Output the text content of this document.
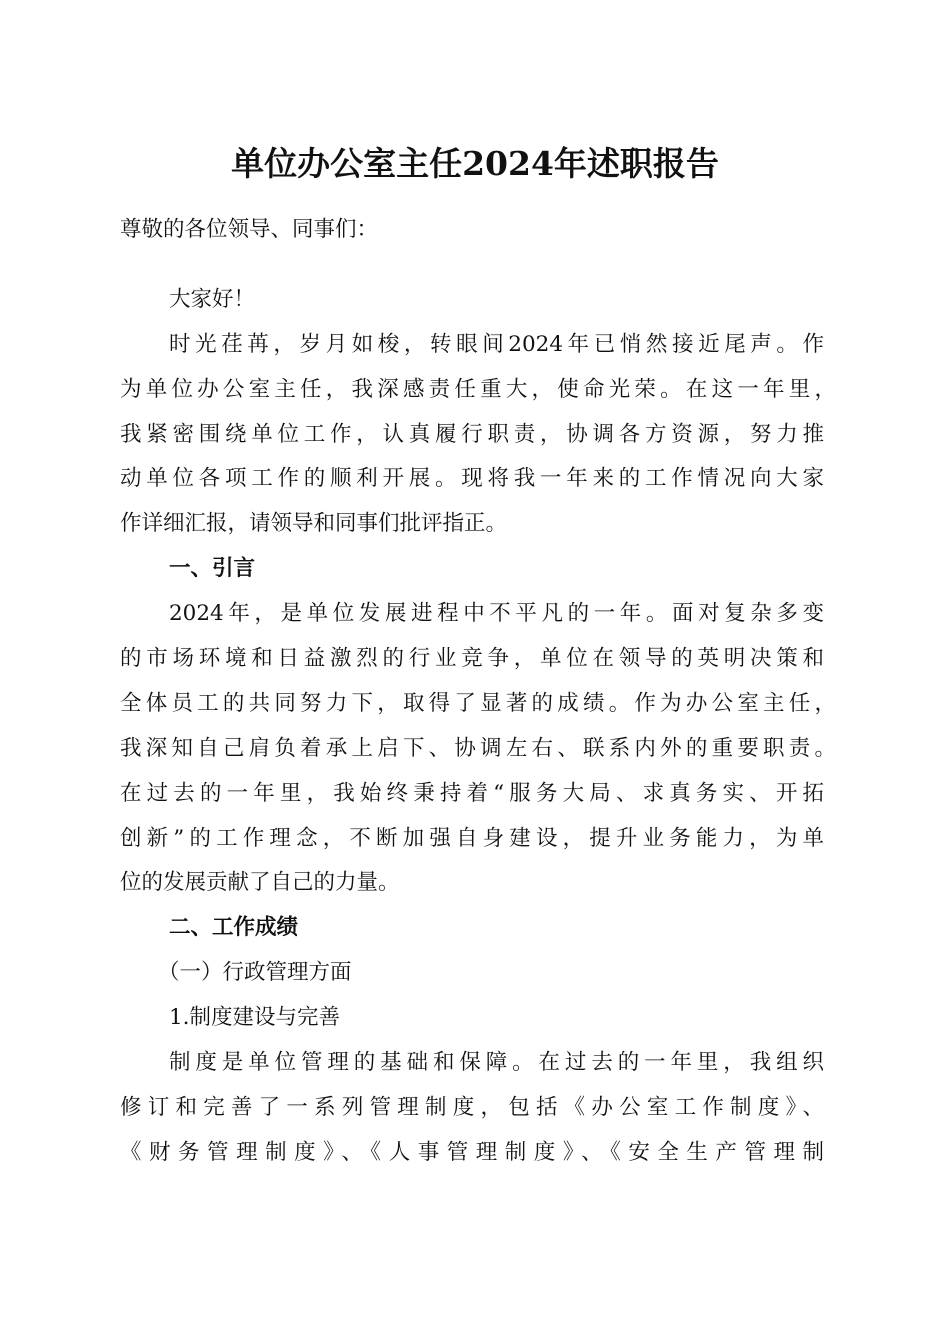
单位办公室主任2024年述职报告
尊敬的各位领导、同事们：
大家好！
时光荏苒，岁月如梭，转眼间2024年已悄然接近尾声。作
为单位办公室主任，我深感责任重大，使命光荣。在这一年里，
我紧密围绕单位工作，认真履行职责，协调各方资源，努力推
动单位各项工作的顺利开展。现将我一年来的工作情况向大家
作详细汇报，请领导和同事们批评指正。
一、引言
2024年，是单位发展进程中不平凡的一年。面对复杂多变
的市场环境和日益激烈的行业竞争，单位在领导的英明决策和
全体员工的共同努力下，取得了显著的成绩。作为办公室主任，
我深知自己肩负着承上启下、协调左右、联系内外的重要职责。
在过去的一年里，我始终秉持着“服务大局、求真务实、开拓
创新”的工作理念，不断加强自身建设，提升业务能力，为单
位的发展贡献了自己的力量。
二、工作成绩
（一）行政管理方面
1.制度建设与完善
制度是单位管理的基础和保障。在过去的一年里，我组织
修订和完善了一系列管理制度，包括《办公室工作制度》、
《财务管理制度》、《人事管理制度》、《安全生产管理制
